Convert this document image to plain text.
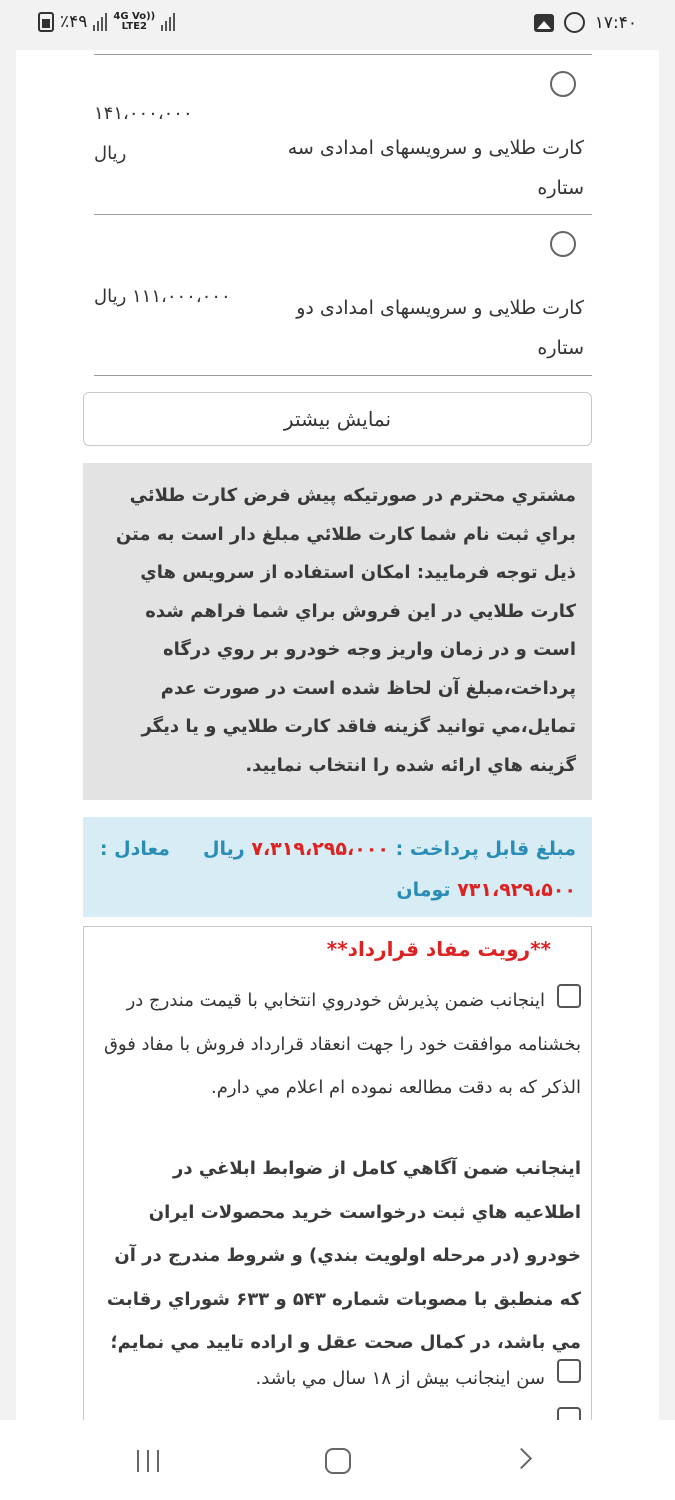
٪۴۹	4G Vo))
LTE2	۱۷:۴۰
کارت طلایی و سرویسهای امدادی سه ستاره
۱۴۱،۰۰۰،۰۰۰
ریال
کارت طلایی و سرویسهای امدادی دو ستاره
۱۱۱،۰۰۰،۰۰۰ ریال
نمایش بیشتر
مشتري محترم در صورتيكه پيش فرض كارت طلائي براي ثبت نام شما كارت طلائي مبلغ دار است به متن ذيل توجه فرماييد: امكان استفاده از سرويس هاي كارت طلايي در اين فروش براي شما فراهم شده است و در زمان واريز وجه خودرو بر روي درگاه پرداخت،مبلغ آن لحاظ شده است در صورت عدم تمايل،مي توانيد گزينه فاقد كارت طلايي و يا ديگر گزينه هاي ارائه شده را انتخاب نماييد.
مبلغ قابل پرداخت : ۷،۳۱۹،۲۹۵،۰۰۰ ریال     معادل : ۷۳۱،۹۲۹،۵۰۰ تومان
**رویت مفاد قرارداد**
اينجانب ضمن پذيرش خودروي انتخابي با قيمت مندرج در بخشنامه موافقت خود را جهت انعقاد قرارداد فروش با مفاد فوق الذكر كه به دقت مطالعه نموده ام اعلام مي دارم.
اينجانب ضمن آگاهي كامل از ضوابط ابلاغي در اطلاعيه هاي ثبت درخواست خريد محصولات ايران خودرو (در مرحله اولويت بندي) و شروط مندرج در آن كه منطبق با مصوبات شماره ۵۴۳ و ۶۳۳ شوراي رقابت مي باشد، در كمال صحت عقل و اراده تاييد مي نمايم؛
سن اينجانب بيش از ۱۸ سال مي باشد.
